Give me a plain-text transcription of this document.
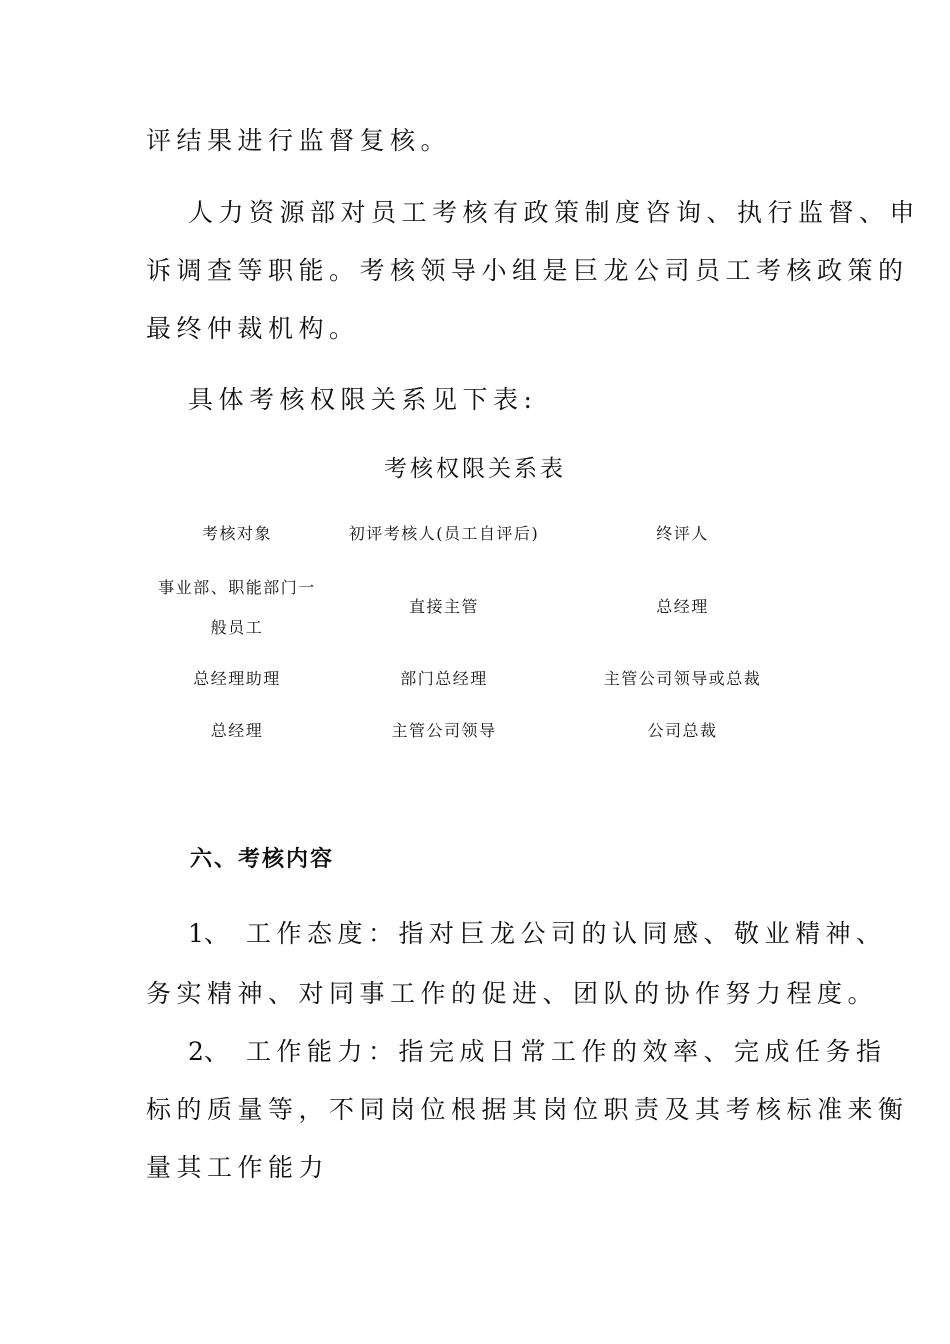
评结果进行监督复核。
人力资源部对员工考核有政策制度咨询、执行监督、申
诉调查等职能。考核领导小组是巨龙公司员工考核政策的
最终仲裁机构。
具体考核权限关系见下表:
考核权限关系表
考核对象	初评考核人(员工自评后)	终评人
事业部、职能部门一
般员工
直接主管	总经理
总经理助理	部门总经理	主管公司领导或总裁
总经理	主管公司领导	公司总裁
六、考核内容
1、 工作态度：指对巨龙公司的认同感、敬业精神、
务实精神、对同事工作的促进、团队的协作努力程度。
2、 工作能力：指完成日常工作的效率、完成任务指
标的质量等，不同岗位根据其岗位职责及其考核标准来衡
量其工作能力
